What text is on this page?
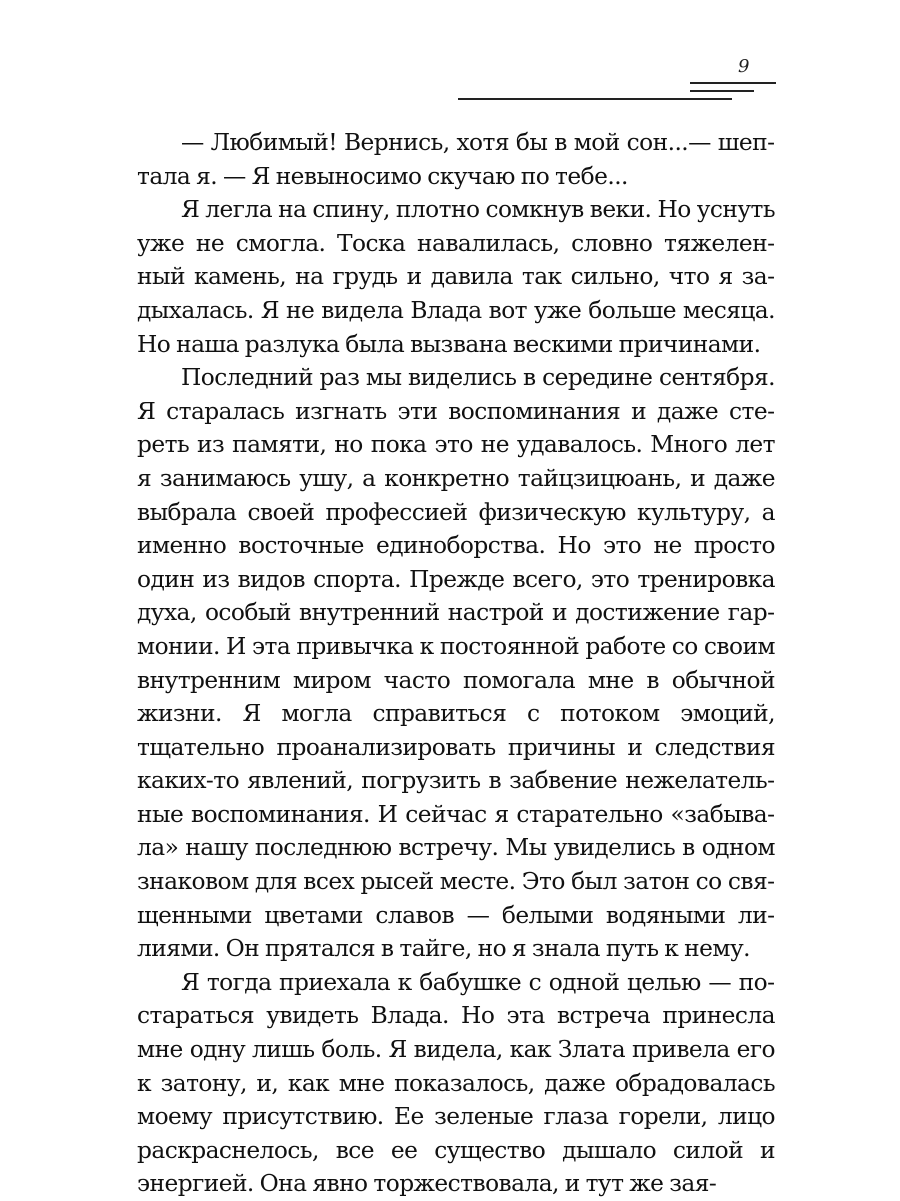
9

— Любимый! Вернись, хотя бы в мой сон...— шептала я. — Я невыносимо скучаю по тебе...

Я легла на спину, плотно сомкнув веки. Но уснуть уже не смогла. Тоска навалилась, словно тяжеленный камень, на грудь и давила так сильно, что я задыхалась. Я не видела Влада вот уже больше месяца. Но наша разлука была вызвана вескими причинами.

Последний раз мы виделись в середине сентября. Я старалась изгнать эти воспоминания и даже стереть из памяти, но пока это не удавалось. Много лет я занимаюсь ушу, а конкретно тайцзицюань, и даже выбрала своей профессией физическую культуру, а именно восточные единоборства. Но это не просто один из видов спорта. Прежде всего, это тренировка духа, особый внутренний настрой и достижение гармонии. И эта привычка к постоянной работе со своим внутренним миром часто помогала мне в обычной жизни. Я могла справиться с потоком эмоций, тщательно проанализировать причины и следствия каких-то явлений, погрузить в забвение нежелательные воспоминания. И сейчас я старательно «забывала» нашу последнюю встречу. Мы увиделись в одном знаковом для всех рысей месте. Это был затон со священными цветами славов — белыми водяными лилиями. Он прятался в тайге, но я знала путь к нему.

Я тогда приехала к бабушке с одной целью — постараться увидеть Влада. Но эта встреча принесла мне одну лишь боль. Я видела, как Злата привела его к затону, и, как мне показалось, даже обрадовалась моему присутствию. Ее зеленые глаза горели, лицо раскраснелось, все ее существо дышало силой и энергией. Она явно торжествовала, и тут же зая-
